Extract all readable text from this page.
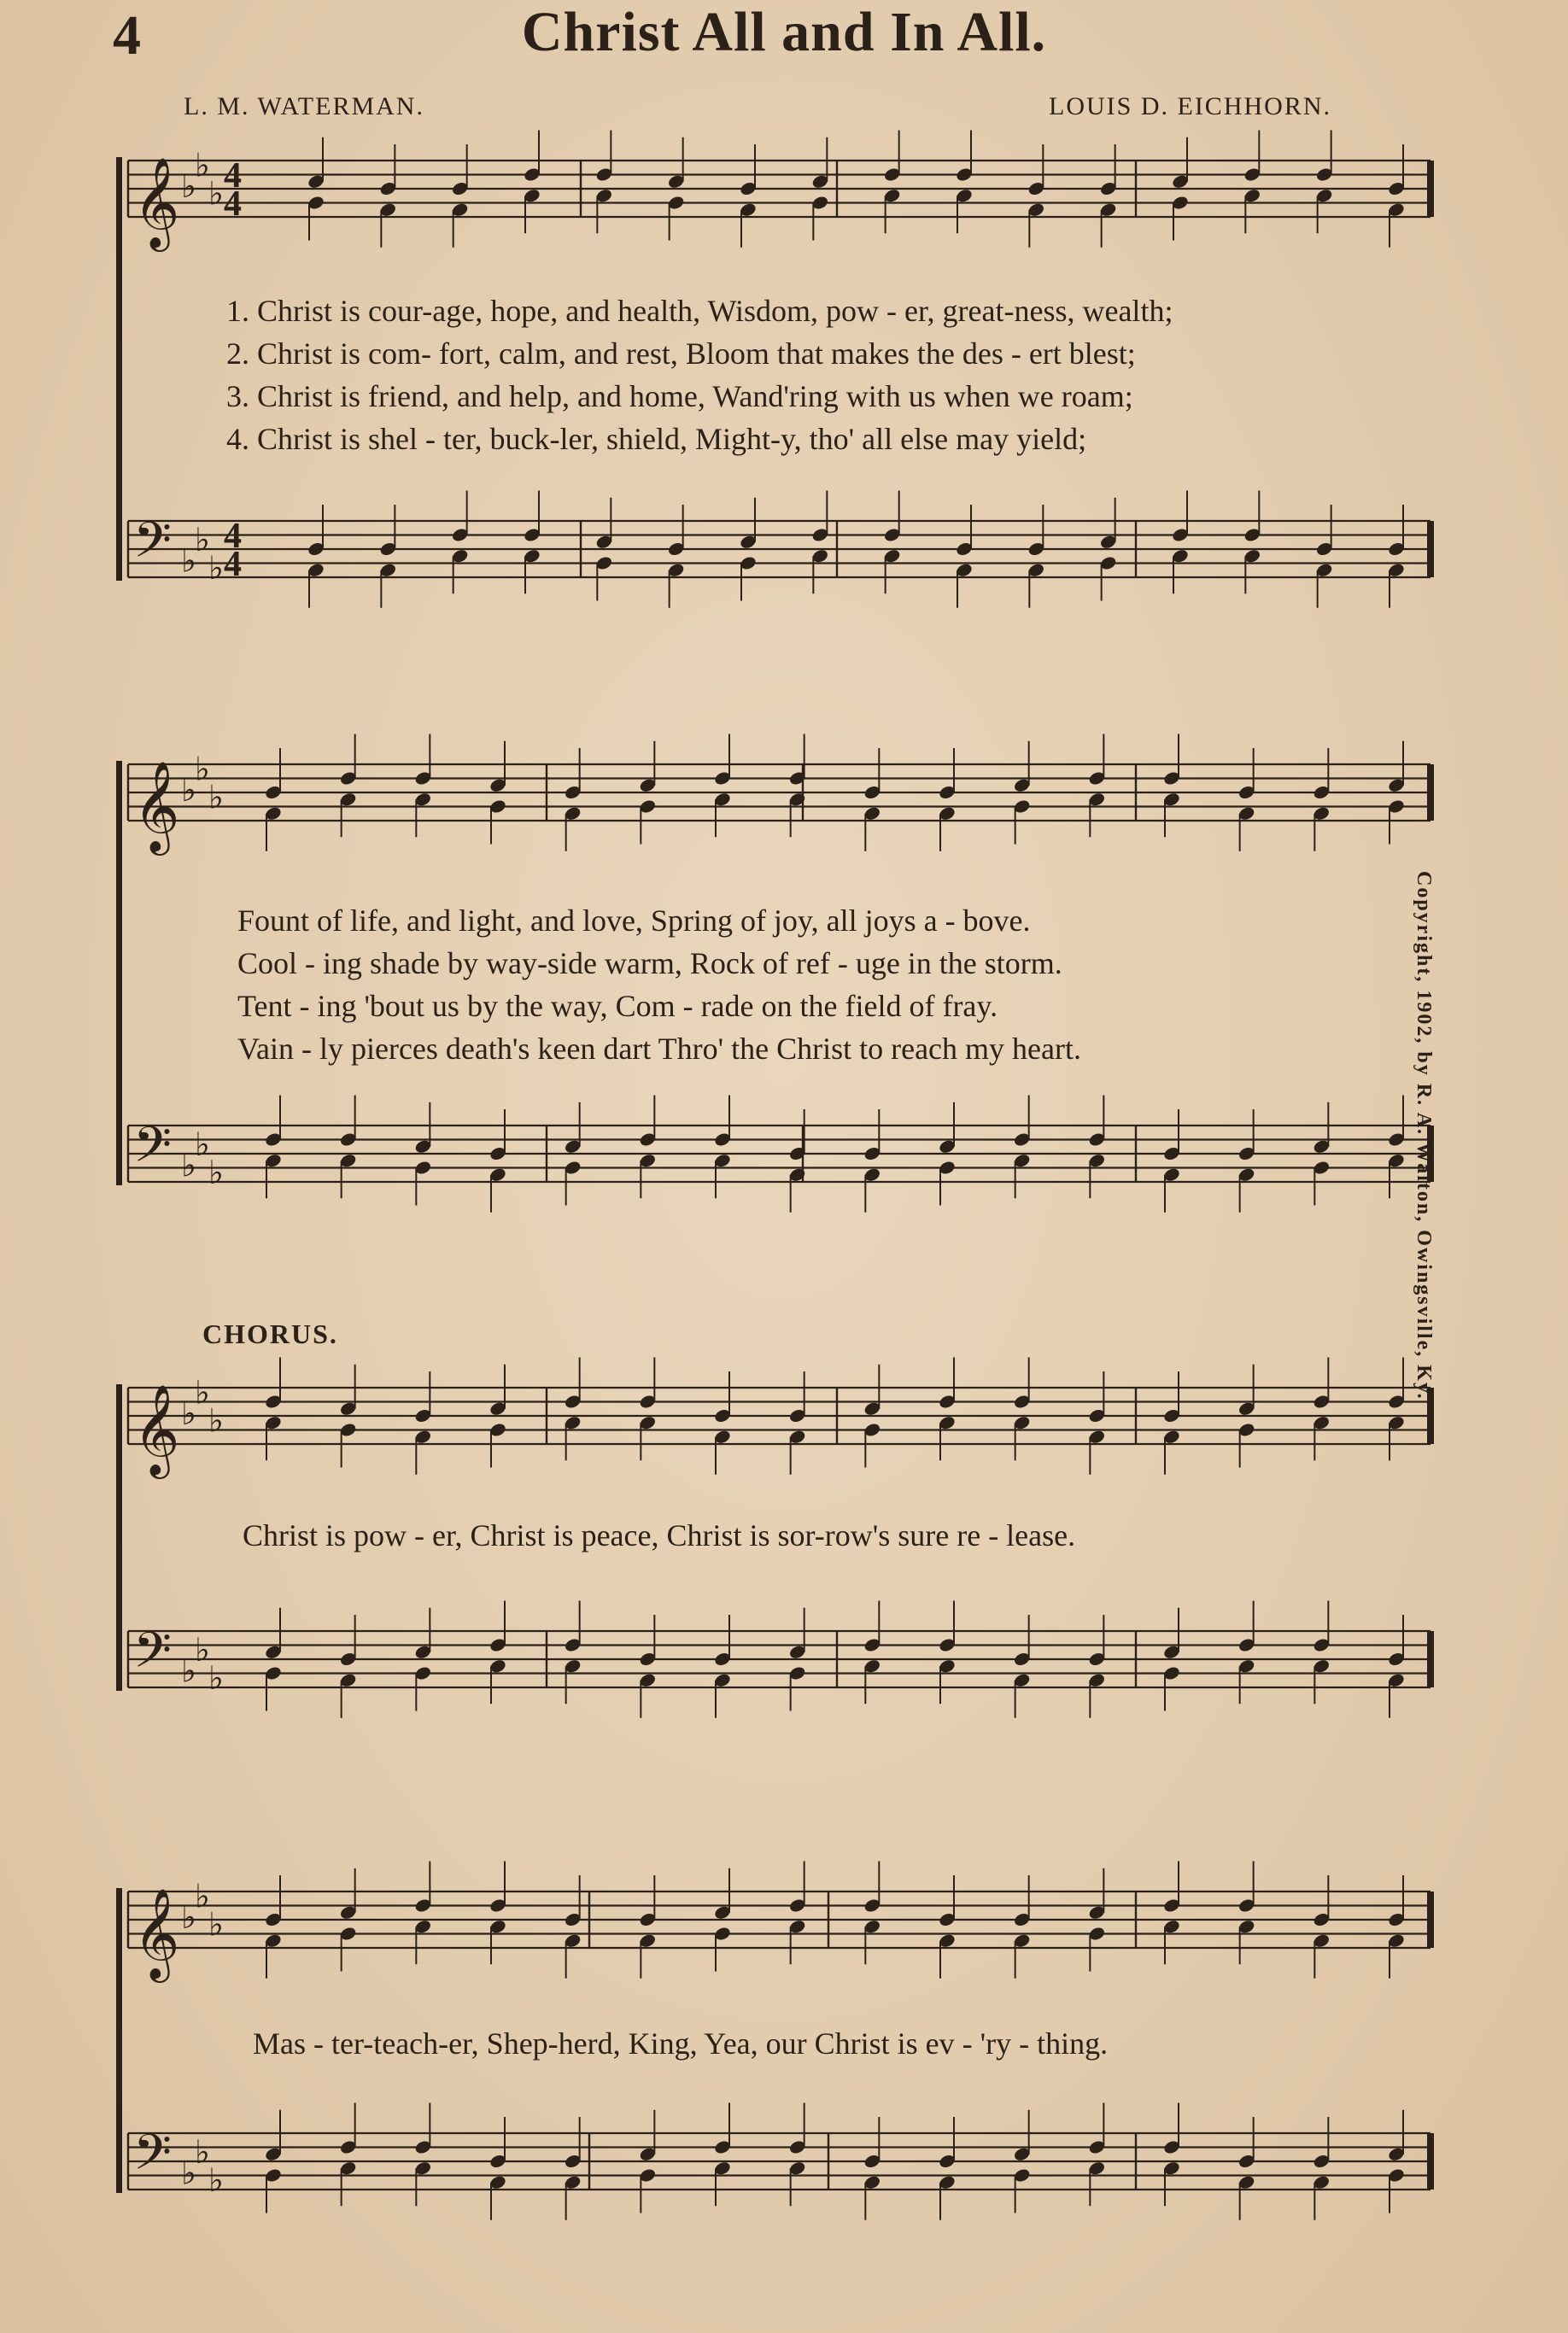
4	Christ All and In All.
L. M. WATERMAN.	LOUIS D. EICHHORN.
𝄞 ♭
♭
♭ 4
4
𝄢 ♭
♭
♭
4
4
𝄞 ♭
♭
♭
𝄢 ♭
♭
♭
𝄞 ♭
♭
♭
𝄢 ♭
♭
♭
𝄞 ♭
♭
♭
𝄢 ♭
♭
♭
1. Christ is cour-age, hope, and health, Wisdom, pow - er, great-ness, wealth;
2. Christ is com- fort, calm, and rest, Bloom that makes the des - ert blest;
3. Christ is friend, and help, and home, Wand'ring with us when we roam;
4. Christ is shel - ter, buck-ler, shield, Might-y, tho' all else may yield;
Fount of life, and light, and love, Spring of joy, all joys a - bove.
Cool - ing shade by way-side warm, Rock of ref - uge in the storm.
Tent - ing 'bout us by the way, Com - rade on the field of fray.
Vain - ly pierces death's keen dart Thro' the Christ to reach my heart.
CHORUS.
Christ is pow - er, Christ is peace, Christ is sor-row's sure re - lease.
Mas - ter-teach-er, Shep-herd, King, Yea, our Christ is ev - 'ry - thing.
Copyright, 1902, by R. A. Walton, Owingsville, Ky.
